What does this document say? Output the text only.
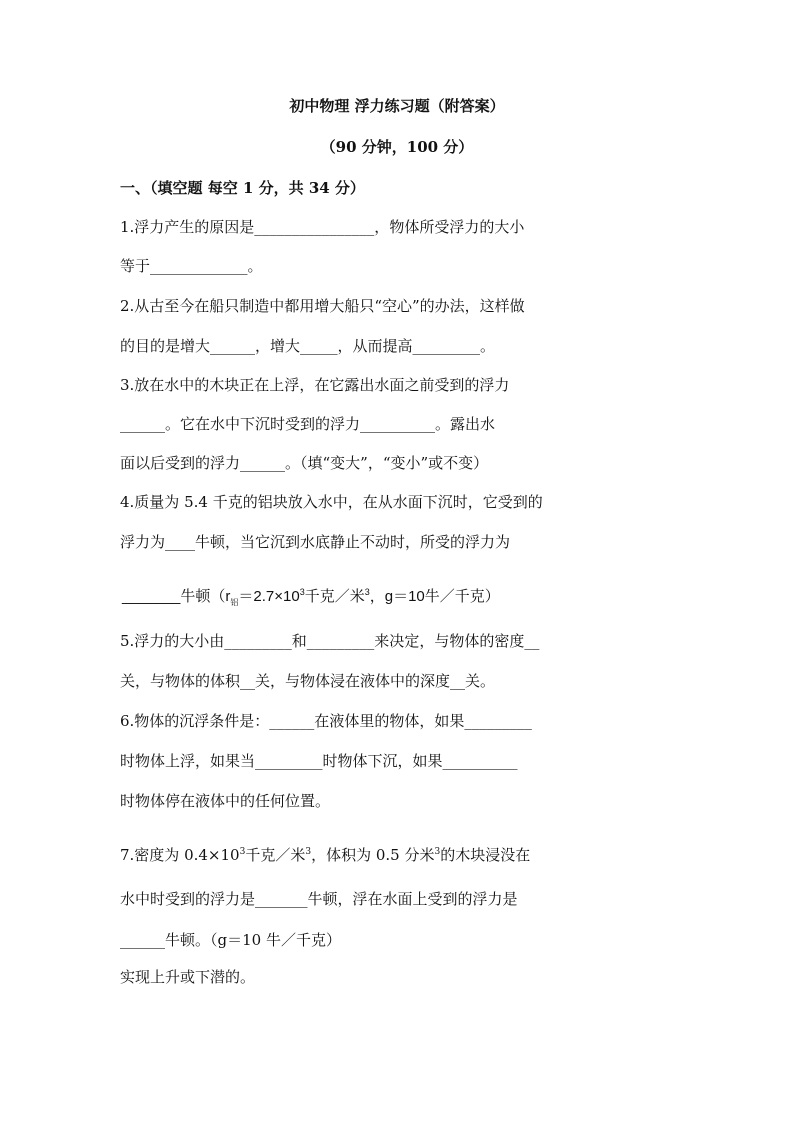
初中物理 浮力练习题（附答案）
（90 分钟，100 分）
一、（填空题 每空 1 分，共 34 分）
1.浮力产生的原因是________________，物体所受浮力的大小
等于_____________。
2.从古至今在船只制造中都用增大船只“空心”的办法，这样做
的目的是增大______，增大_____，从而提高_________。
3.放在水中的木块正在上浮，在它露出水面之前受到的浮力
______。它在水中下沉时受到的浮力__________。露出水
面以后受到的浮力______。（填“变大”，“变小”或不变）
4.质量为 5.4 千克的铝块放入水中，在从水面下沉时，它受到的
浮力为____牛顿，当它沉到水底静止不动时，所受的浮力为
_______牛顿（$r_铝=2.7\times 10^3$千克／米$^3$，g＝10牛／千克）
5.浮力的大小由_________和_________来决定，与物体的密度__
关，与物体的体积__关，与物体浸在液体中的深度__关。
6.物体的沉浮条件是：______在液体里的物体，如果_________
时物体上浮，如果当_________时物体下沉，如果__________
时物体停在液体中的任何位置。
7.密度为 $0.4\times 10^3$千克／米$^3$，体积为 0.5 分米$^3$的木块浸没在
水中时受到的浮力是_______牛顿，浮在水面上受到的浮力是
______牛顿。（g＝10 牛／千克）
实现上升或下潜的。
